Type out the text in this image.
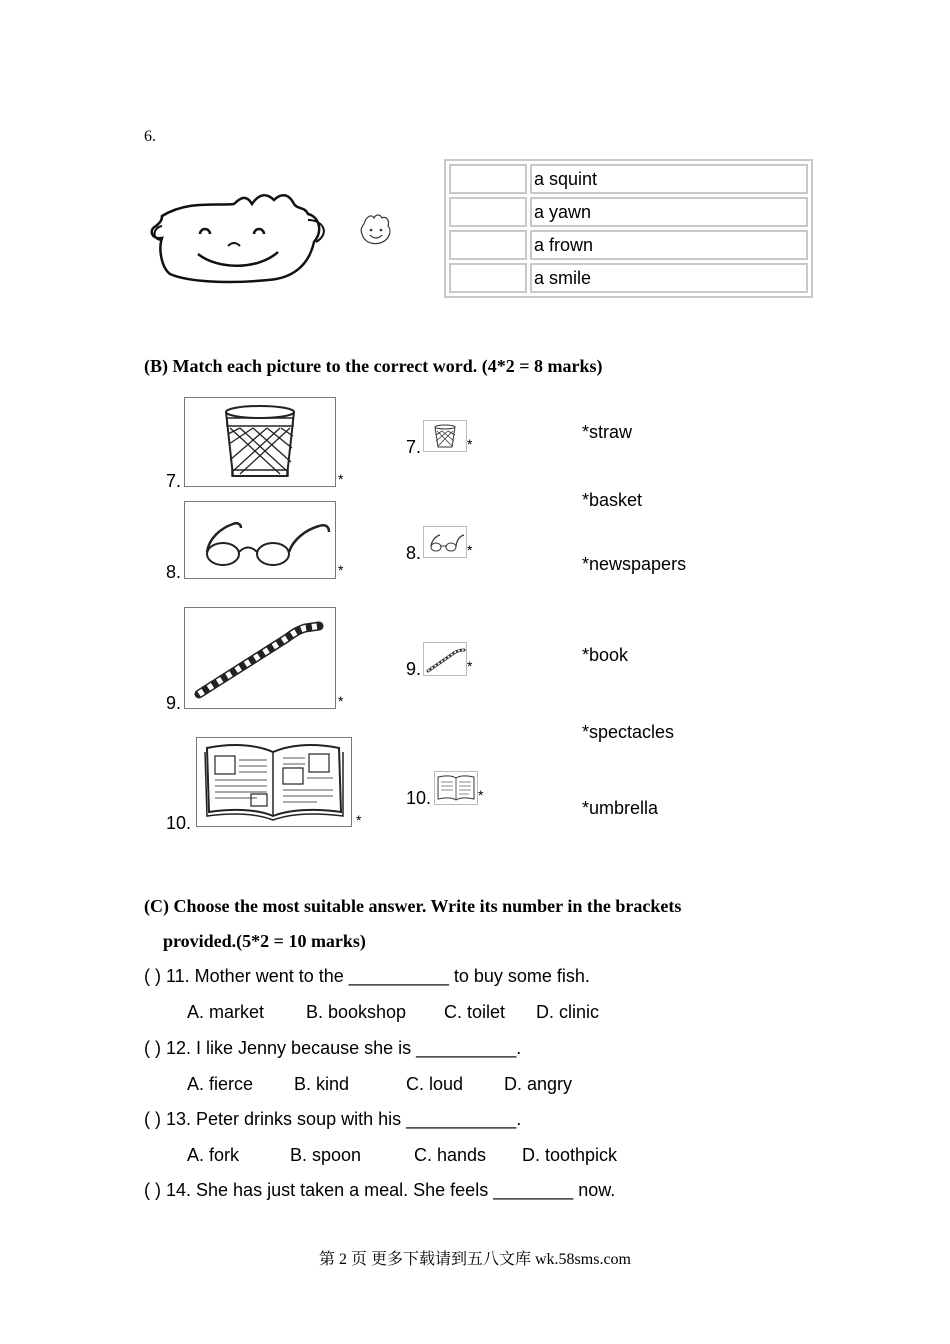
6.
	a squint
	a yawn
	a frown
	a smile
(B) Match each picture to the correct word. (4*2 = 8 marks)
7.	*
8.	*
9.	*
10.	*
7.	*
8.	*
9.	*
10.	*
*straw
*basket
*newspapers
*book
*spectacles
*umbrella
(C) Choose the most suitable answer. Write its number in the brackets
provided.(5*2 = 10 marks)
( ) 11. Mother went to the __________ to buy some fish.
A. market B. bookshop C. toilet D. clinic
( ) 12. I like Jenny because she is __________.
A. fierce B. kind	C. loud D. angry
( ) 13. Peter drinks soup with his ___________.
A. fork	B. spoon	C. hands D. toothpick
( ) 14. She has just taken a meal. She feels ________ now.
第 2 页 更多下载请到五八文库 wk.58sms.com
